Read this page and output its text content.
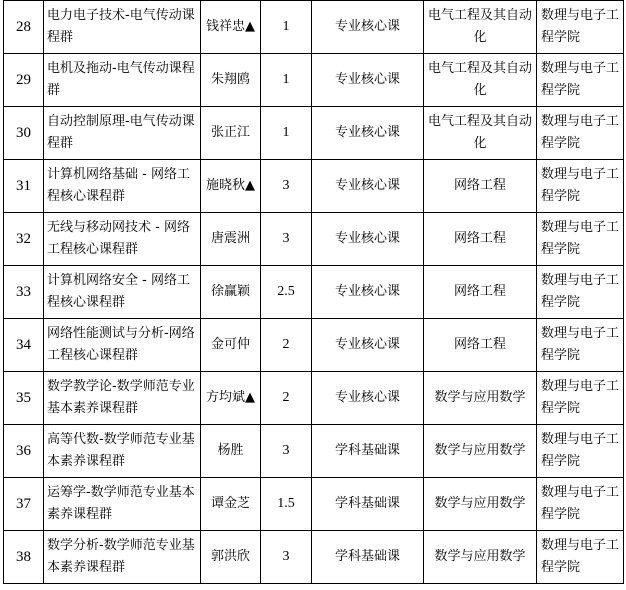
28	电力电子技术-电气传动课程群	钱祥忠▲	1	专业核心课	电气工程及其自动化	数理与电子工程学院
29	电机及拖动-电气传动课程群	朱翔鸥	1	专业核心课	电气工程及其自动化	数理与电子工程学院
30	自动控制原理-电气传动课程群	张正江	1	专业核心课	电气工程及其自动化	数理与电子工程学院
31	计算机网络基础 - 网络工程核心课程群	施晓秋▲	3	专业核心课	网络工程	数理与电子工程学院
32	无线与移动网技术 - 网络工程核心课程群	唐震洲	3	专业核心课	网络工程	数理与电子工程学院
33	计算机网络安全 - 网络工程核心课程群	徐赢颖	2.5	专业核心课	网络工程	数理与电子工程学院
34	网络性能测试与分析-网络工程核心课程群	金可仲	2	专业核心课	网络工程	数理与电子工程学院
35	数学教学论-数学师范专业基本素养课程群	方均斌▲	2	专业核心课	数学与应用数学	数理与电子工程学院
36	高等代数-数学师范专业基本素养课程群	杨胜	3	学科基础课	数学与应用数学	数理与电子工程学院
37	运筹学-数学师范专业基本素养课程群	谭金芝	1.5	学科基础课	数学与应用数学	数理与电子工程学院
38	数学分析-数学师范专业基本素养课程群	郭洪欣	3	学科基础课	数学与应用数学	数理与电子工程学院
